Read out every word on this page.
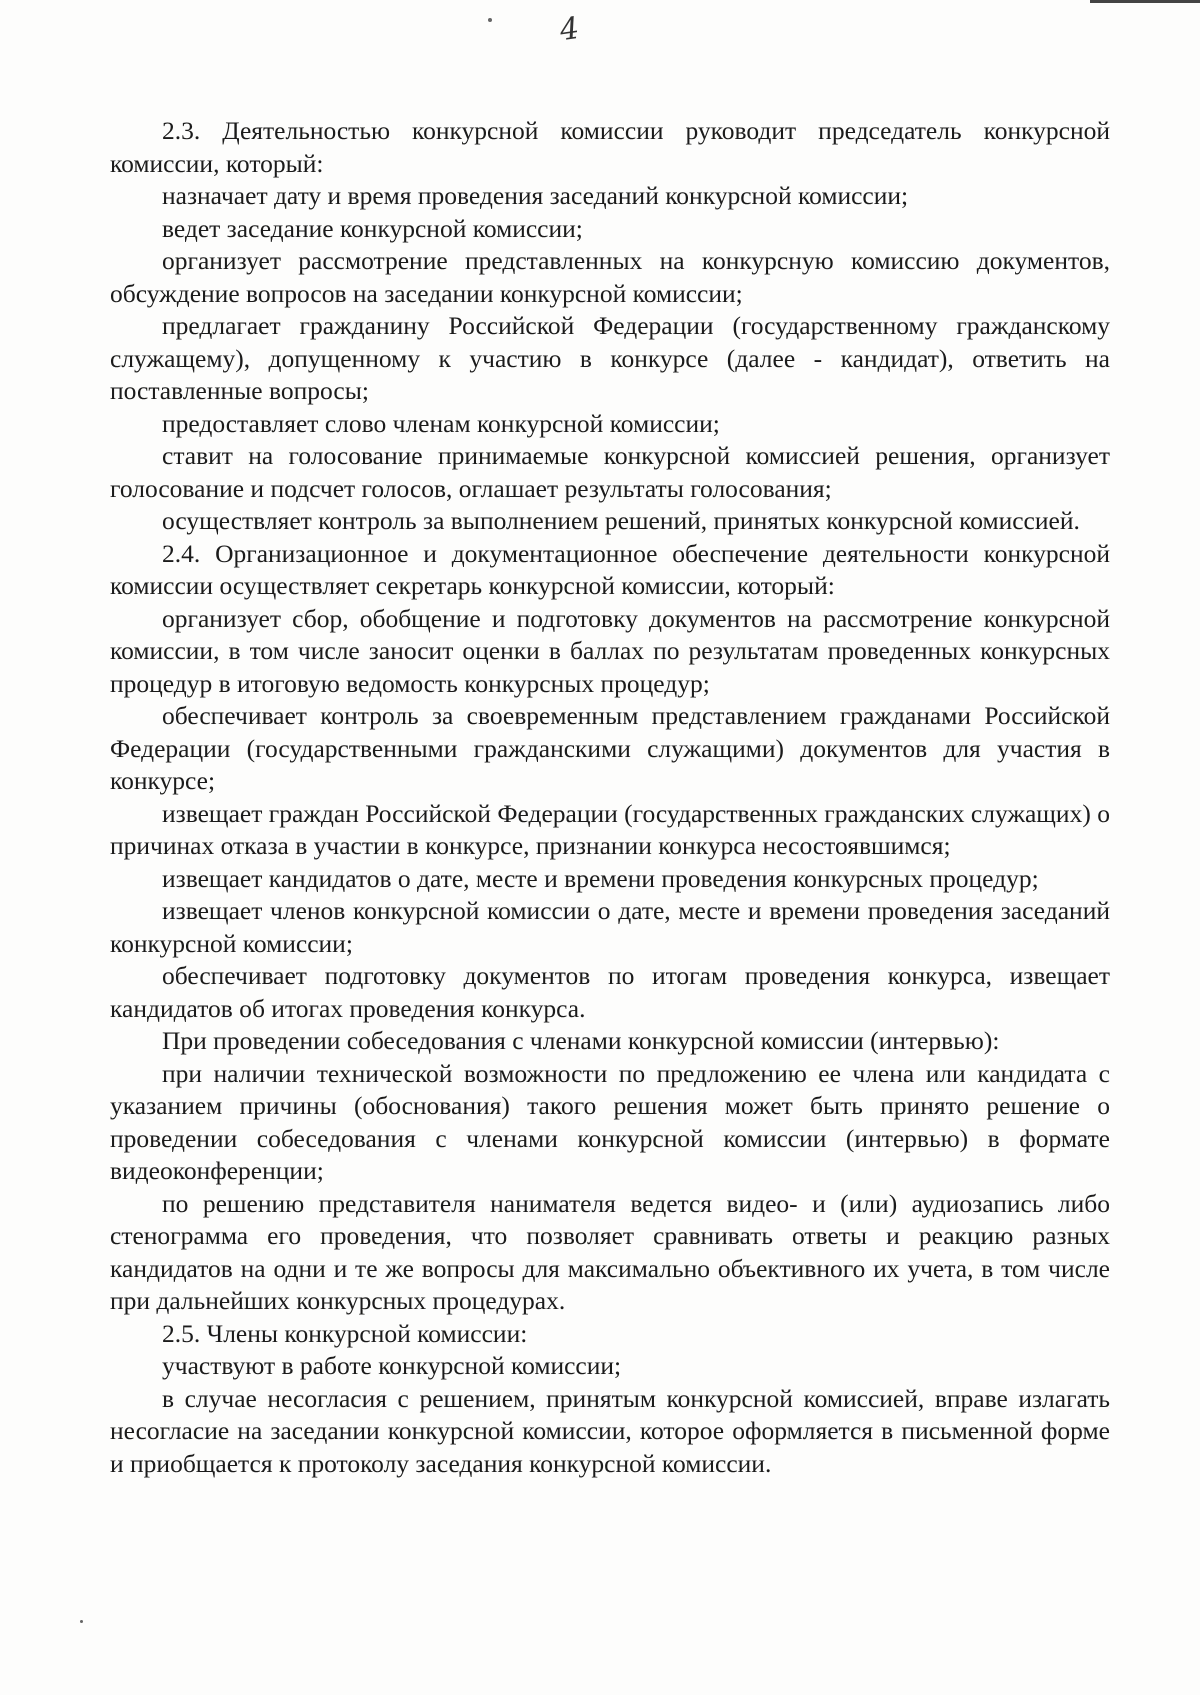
4

2.3. Деятельностью конкурсной комиссии руководит председатель конкурсной комиссии, который:

назначает дату и время проведения заседаний конкурсной комиссии;

ведет заседание конкурсной комиссии;

организует рассмотрение представленных на конкурсную комиссию документов, обсуждение вопросов на заседании конкурсной комиссии;

предлагает гражданину Российской Федерации (государственному гражданскому служащему), допущенному к участию в конкурсе (далее - кандидат), ответить на поставленные вопросы;

предоставляет слово членам конкурсной комиссии;

ставит на голосование принимаемые конкурсной комиссией решения, организует голосование и подсчет голосов, оглашает результаты голосования;

осуществляет контроль за выполнением решений, принятых конкурсной комиссией.

2.4. Организационное и документационное обеспечение деятельности конкурсной комиссии осуществляет секретарь конкурсной комиссии, который:

организует сбор, обобщение и подготовку документов на рассмотрение конкурсной комиссии, в том числе заносит оценки в баллах по результатам проведенных конкурсных процедур в итоговую ведомость конкурсных процедур;

обеспечивает контроль за своевременным представлением гражданами Российской Федерации (государственными гражданскими служащими) документов для участия в конкурсе;

извещает граждан Российской Федерации (государственных гражданских служащих) о причинах отказа в участии в конкурсе, признании конкурса несостоявшимся;

извещает кандидатов о дате, месте и времени проведения конкурсных процедур;

извещает членов конкурсной комиссии о дате, месте и времени проведения заседаний конкурсной комиссии;

обеспечивает подготовку документов по итогам проведения конкурса, извещает кандидатов об итогах проведения конкурса.

При проведении собеседования с членами конкурсной комиссии (интервью):

при наличии технической возможности по предложению ее члена или кандидата с указанием причины (обоснования) такого решения может быть принято решение о проведении собеседования с членами конкурсной комиссии (интервью) в формате видеоконференции;

по решению представителя нанимателя ведется видео- и (или) аудиозапись либо стенограмма его проведения, что позволяет сравнивать ответы и реакцию разных кандидатов на одни и те же вопросы для максимально объективного их учета, в том числе при дальнейших конкурсных процедурах.

2.5. Члены конкурсной комиссии:

участвуют в работе конкурсной комиссии;

в случае несогласия с решением, принятым конкурсной комиссией, вправе излагать несогласие на заседании конкурсной комиссии, которое оформляется в письменной форме и приобщается к протоколу заседания конкурсной комиссии.
